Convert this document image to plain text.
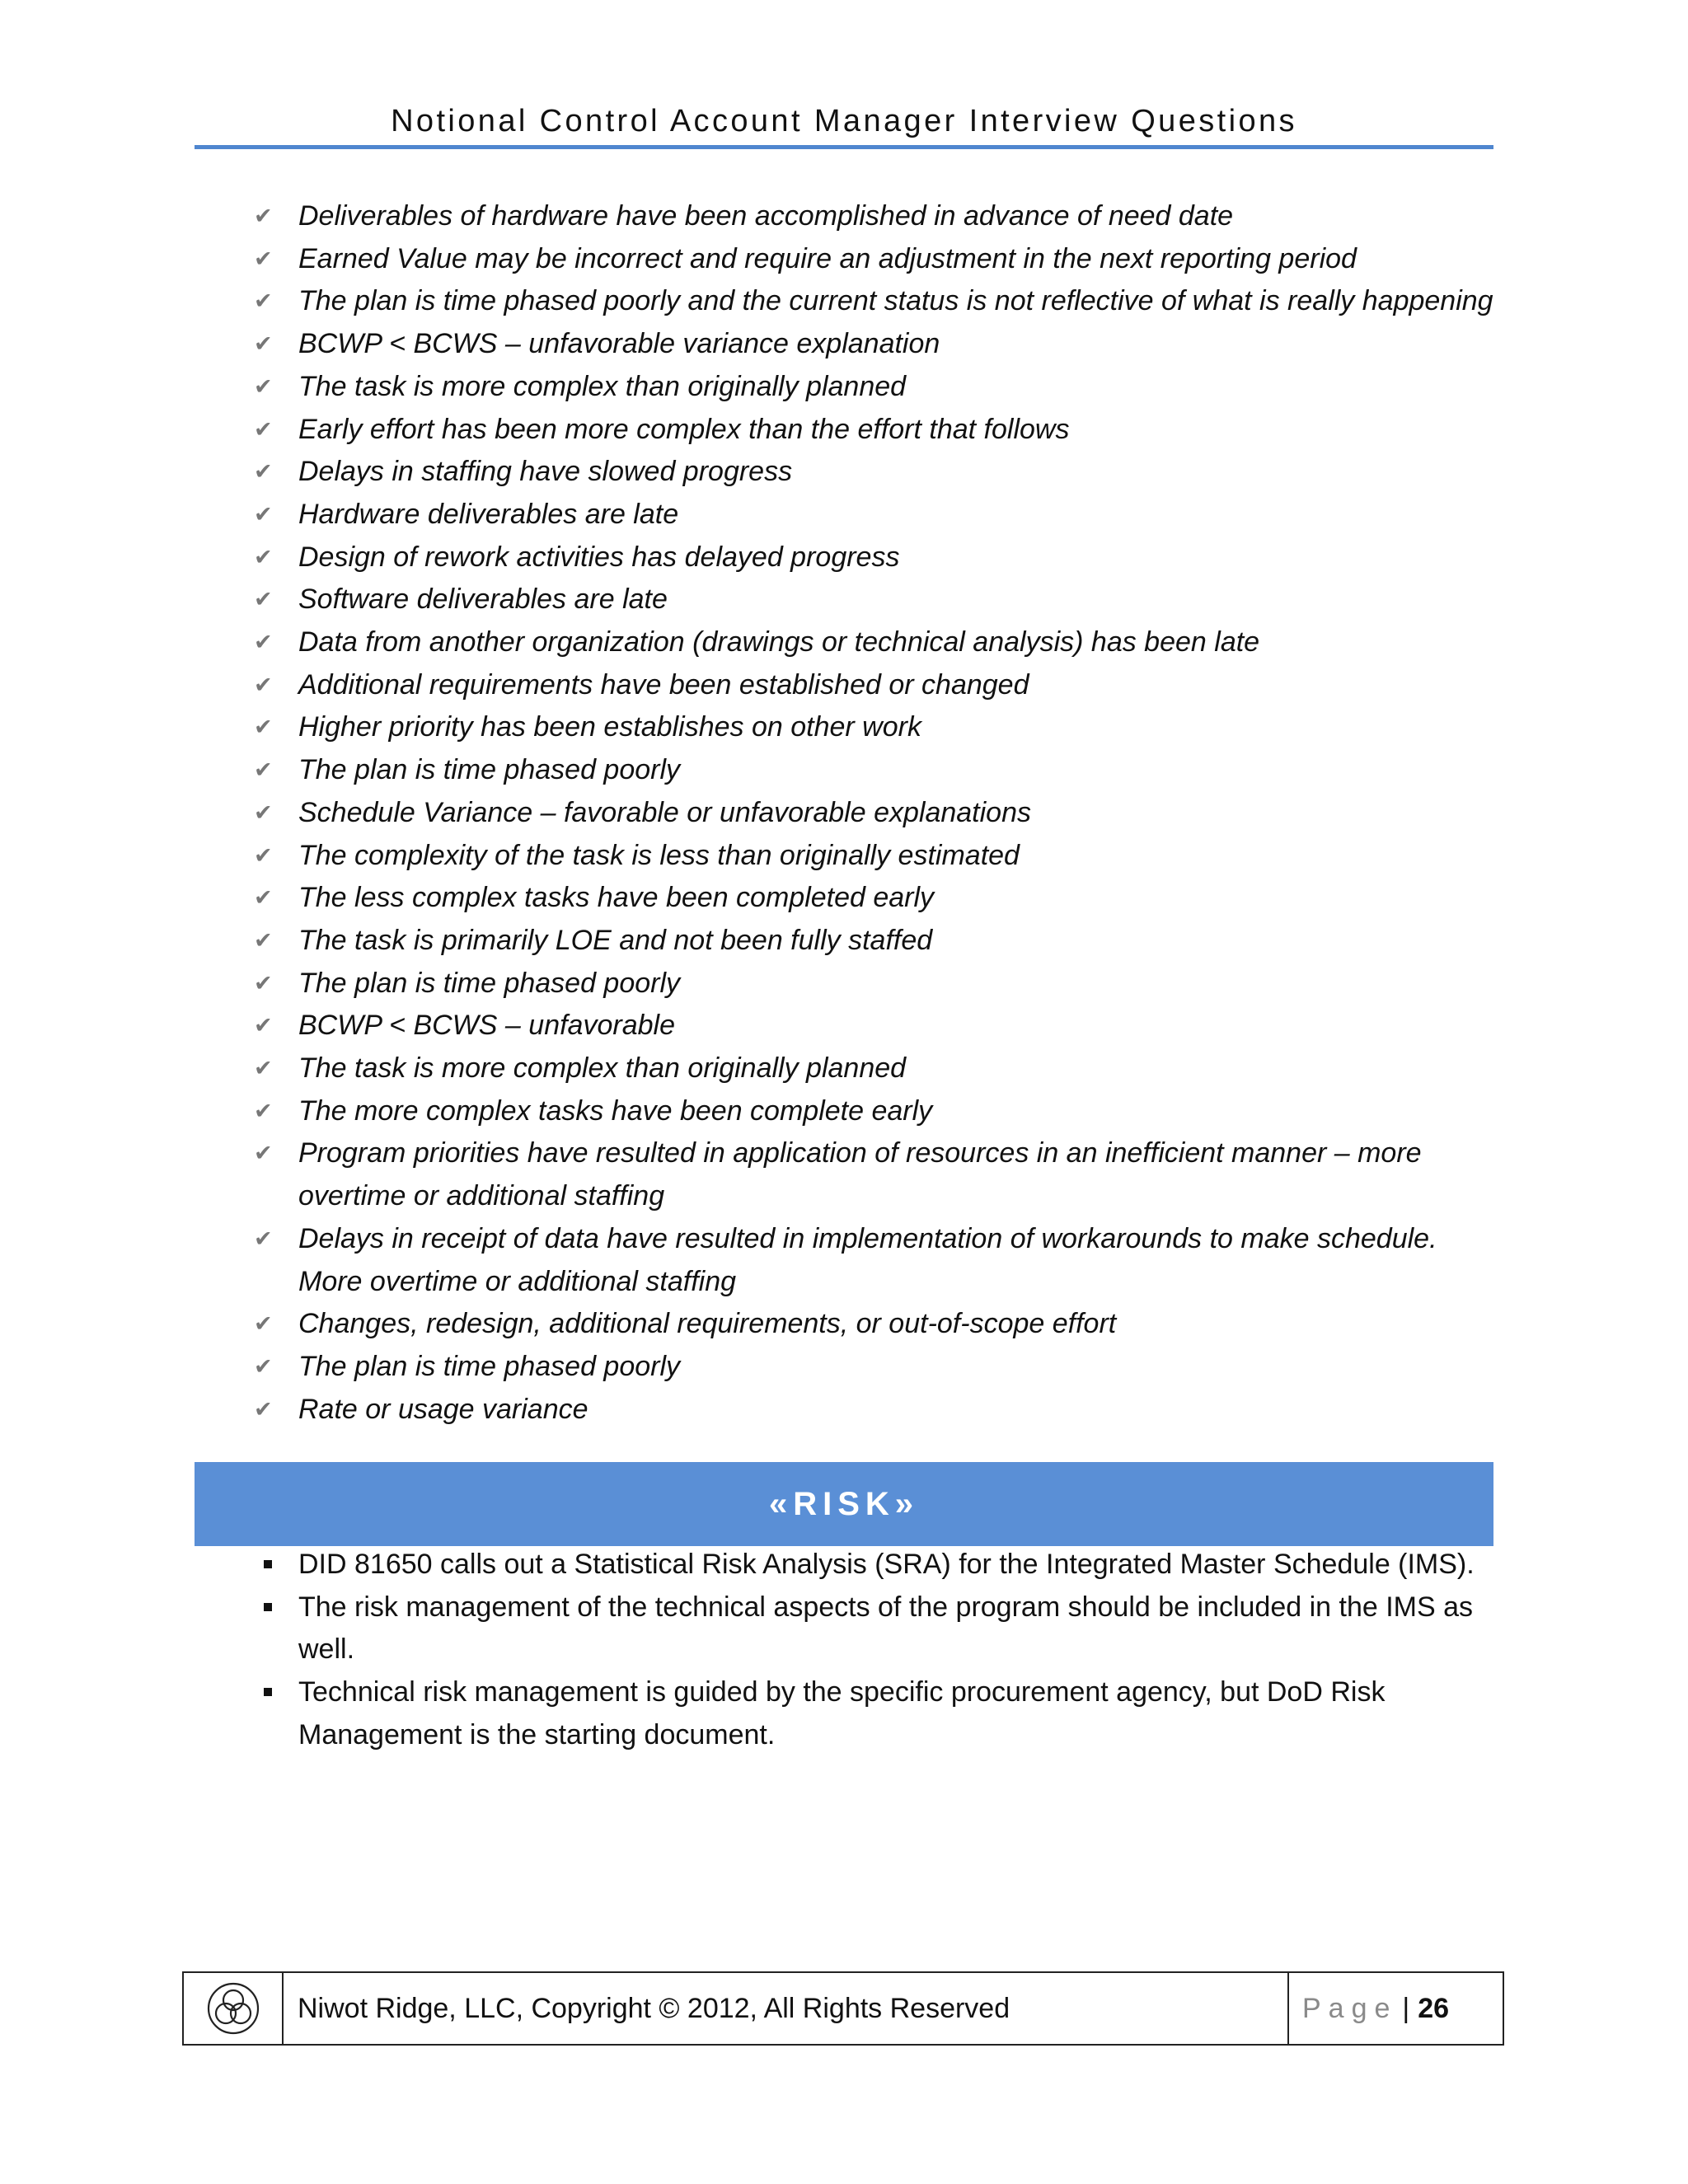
Notional Control Account Manager Interview Questions
✔ Deliverables of hardware have been accomplished in advance of need date
✔ Earned Value may be incorrect and require an adjustment in the next reporting period
✔ The plan is time phased poorly and the current status is not reflective of what is really happening
✔ BCWP < BCWS – unfavorable variance explanation
✔ The task is more complex than originally planned
✔ Early effort has been more complex than the effort that follows
✔ Delays in staffing have slowed progress
✔ Hardware deliverables are late
✔ Design of rework activities has delayed progress
✔ Software deliverables are late
✔ Data from another organization (drawings or technical analysis) has been late
✔ Additional requirements have been established or changed
✔ Higher priority has been establishes on other work
✔ The plan is time phased poorly
✔ Schedule Variance – favorable or unfavorable explanations
✔ The complexity of the task is less than originally estimated
✔ The less complex tasks have been completed early
✔ The task is primarily LOE and not been fully staffed
✔ The plan is time phased poorly
✔ BCWP < BCWS – unfavorable
✔ The task is more complex than originally planned
✔ The more complex tasks have been complete early
✔ Program priorities have resulted in application of resources in an inefficient manner – more overtime or additional staffing
✔ Delays in receipt of data have resulted in implementation of workarounds to make schedule. More overtime or additional staffing
✔ Changes, redesign, additional requirements, or out-of-scope effort
✔ The plan is time phased poorly
✔ Rate or usage variance
«RISK»
DID 81650 calls out a Statistical Risk Analysis (SRA) for the Integrated Master Schedule (IMS).
The risk management of the technical aspects of the program should be included in the IMS as well.
Technical risk management is guided by the specific procurement agency, but DoD Risk Management is the starting document.
Niwot Ridge, LLC, Copyright © 2012, All Rights Reserved	Page | 26
